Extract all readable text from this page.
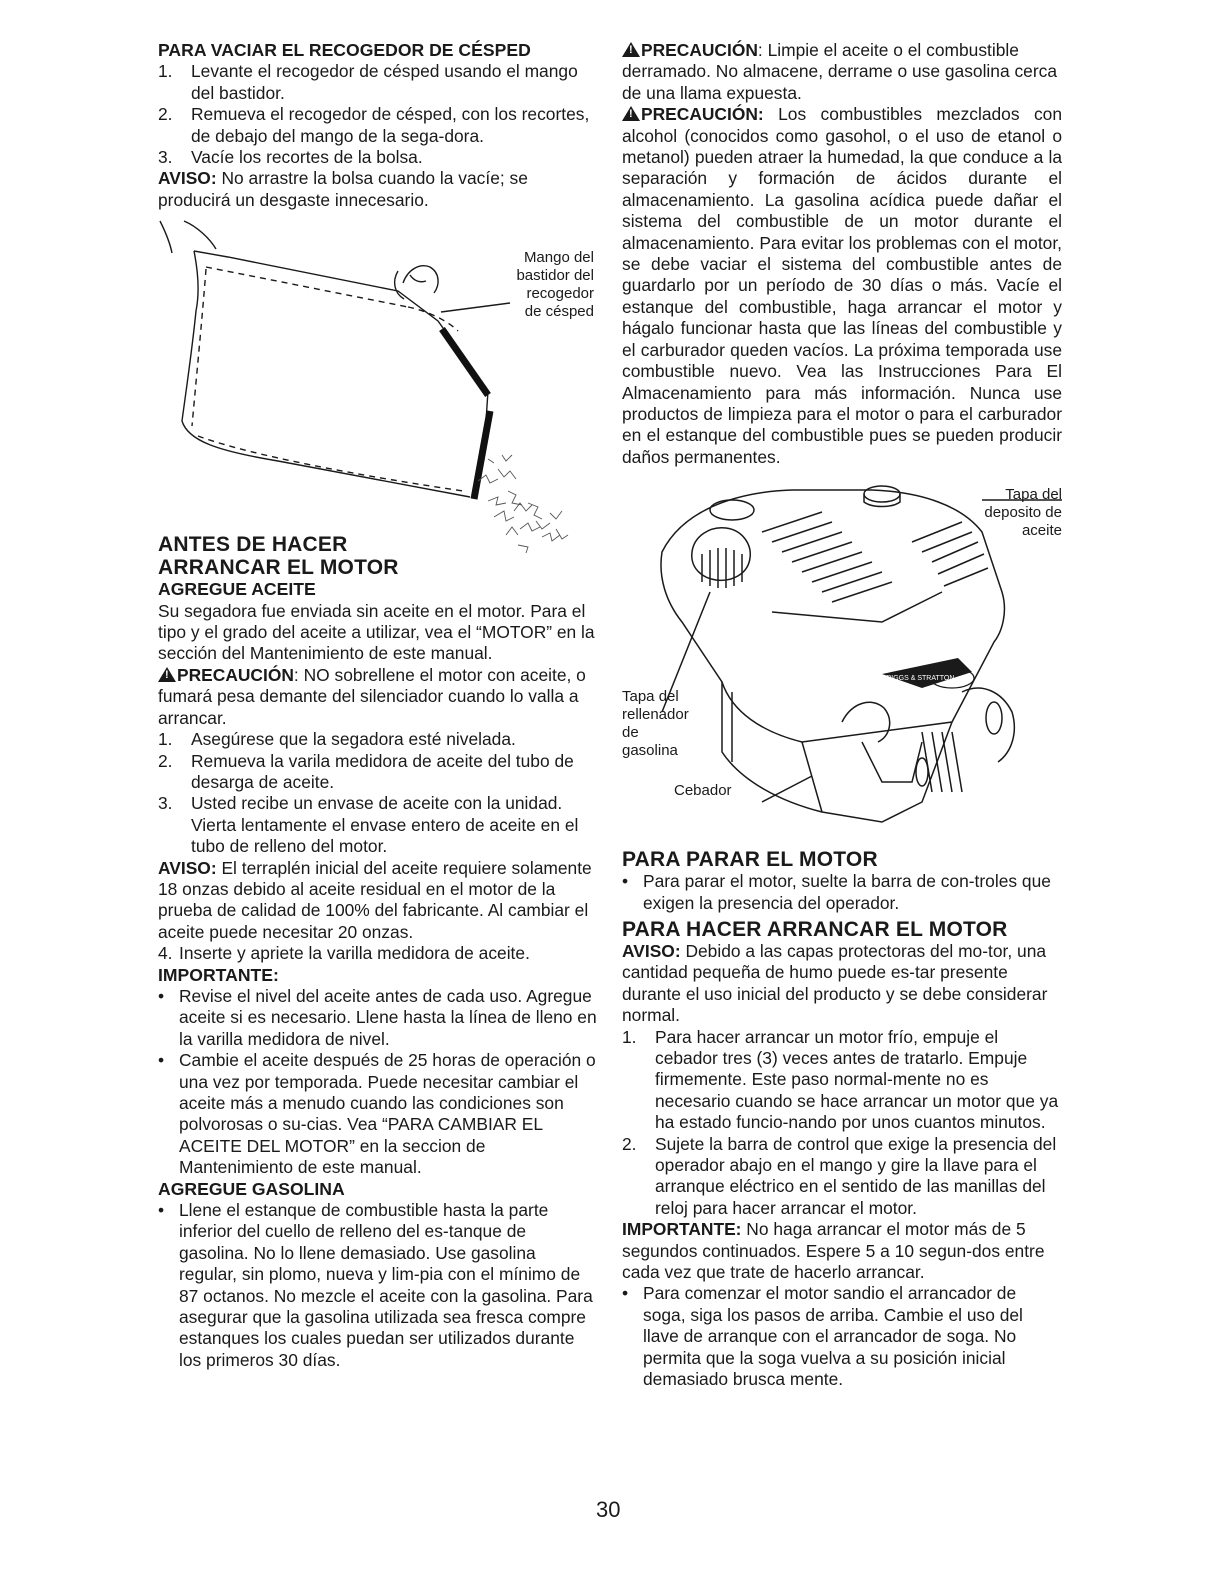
PARA VACIAR EL RECOGEDOR DE CÉSPED
1. Levante el recogedor de césped usando el mango del bastidor.
2. Remueva el recogedor de césped, con los recortes, de debajo del mango de la sega-dora.
3. Vacíe los recortes de la bolsa.

AVISO: No arrastre la bolsa cuando la vacíe; se producirá un desgaste innecesario.

Mango del
bastidor del
recogedor
de césped
ANTES DE HACER
ARRANCAR EL MOTOR
AGREGUE ACEITE

Su segadora fue enviada sin aceite en el motor. Para el tipo y el grado del aceite a utilizar, vea el “MOTOR” en la sección del Mantenimiento de este manual.

!PRECAUCIÓN: NO sobrellene el motor con aceite, o fumará pesa demante del silenciador cuando lo valla a arrancar.

1. Asegúrese que la segadora esté nivelada.
2. Remueva la varila medidora de aceite del tubo de desarga de aceite.
3. Usted recibe un envase de aceite con la unidad. Vierta lentamente el envase entero de aceite en el tubo de relleno del motor.

AVISO: El terraplén inicial del aceite requiere solamente 18 onzas debido al aceite residual en el motor de la prueba de calidad de 100% del fabricante. Al cambiar el aceite puede necesitar 20 onzas.

4. Inserte y apriete la varilla medidora de aceite.
IMPORTANTE:
• Revise el nivel del aceite antes de cada uso. Agregue aceite si es necesario. Llene hasta la línea de lleno en la varilla medidora de nivel.
• Cambie el aceite después de 25 horas de operación o una vez por temporada. Puede necesitar cambiar el aceite más a menudo cuando las condiciones son polvorosas o su-cias. Vea “PARA CAMBIAR EL ACEITE DEL MOTOR” en la seccion de Mantenimiento de este manual.
AGREGUE GASOLINA
• Llene el estanque de combustible hasta la parte inferior del cuello de relleno del es-tanque de gasolina. No lo llene demasiado. Use gasolina regular, sin plomo, nueva y lim-pia con el mínimo de 87 octanos. No mezcle el aceite con la gasolina. Para asegurar que la gasolina utilizada sea fresca compre estanques los cuales puedan ser utilizados durante los primeros 30 días.

!PRECAUCIÓN: Limpie el aceite o el combustible derramado. No almacene, derrame o use gasolina cerca de una llama expuesta.

!PRECAUCIÓN: Los combustibles mezclados con alcohol (conocidos como gasohol, o el uso de etanol o metanol) pueden atraer la humedad, la que conduce a la separación y formación de ácidos durante el almacenamiento. La gasolina acídica puede dañar el sistema del combustible de un motor durante el almacenamiento. Para evitar los problemas con el motor, se debe vaciar el sistema del combustible antes de guardarlo por un período de 30 días o más. Vacíe el estanque del combustible, haga arrancar el motor y hágalo funcionar hasta que las líneas del combustible y el carburador queden vacíos. La próxima temporada use combustible nuevo. Vea las Instrucciones Para El Almacenamiento para más información. Nunca use productos de limpieza para el motor o para el carburador en el estanque del combustible pues se pueden producir daños permanentes.

BRIGGS & STRATTON
Tapa del
deposito de
aceite
Tapa del
rellenador
de
gasolina
Cebador
PARA PARAR EL MOTOR
• Para parar el motor, suelte la barra de con-troles que exigen la presencia del operador.
PARA HACER ARRANCAR EL MOTOR

AVISO: Debido a las capas protectoras del mo-tor, una cantidad pequeña de humo puede es-tar presente durante el uso inicial del producto y se debe considerar normal.

1. Para hacer arrancar un motor frío, empuje el cebador tres (3) veces antes de tratarlo. Empuje firmemente. Este paso normal-mente no es necesario cuando se hace arrancar un motor que ya ha estado funcio-nando por unos cuantos minutos.
2. Sujete la barra de control que exige la presencia del operador abajo en el mango y gire la llave para el arranque eléctrico en el sentido de las manillas del reloj para hacer arrancar el motor.

IMPORTANTE: No haga arrancar el motor más de 5 segundos continuados. Espere 5 a 10 segun-dos entre cada vez que trate de hacerlo arrancar.

• Para comenzar el motor sandio el arrancador de soga, siga los pasos de arriba. Cambie el uso del llave de arranque con el arrancador de soga. No permita que la soga vuelva a su posición inicial demasiado brusca mente.
30
